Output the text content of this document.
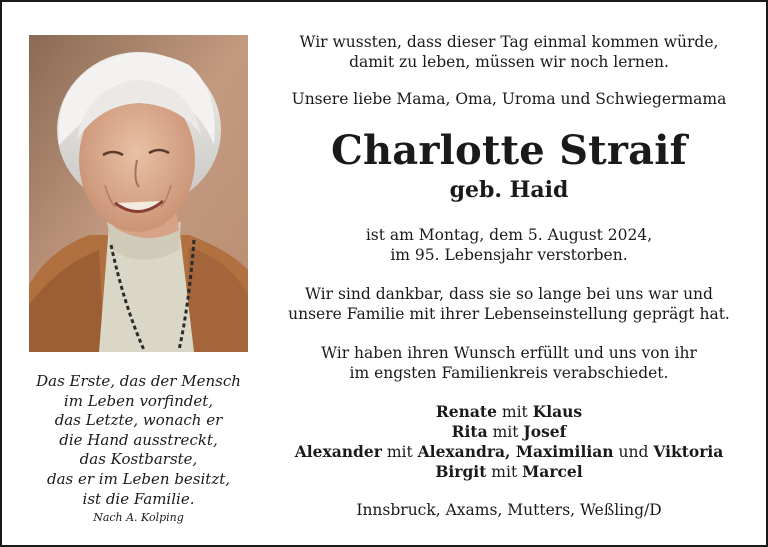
Das Erste, das der Mensch
im Leben vorfindet,
das Letzte, wonach er
die Hand ausstreckt,
das Kostbarste,
das er im Leben besitzt,
ist die Familie.
Nach A. Kolping
Wir wussten, dass dieser Tag einmal kommen würde,
damit zu leben, müssen wir noch lernen.
Unsere liebe Mama, Oma, Uroma und Schwiegermama
Charlotte Straif
geb. Haid
ist am Montag, dem 5. August 2024,
im 95. Lebensjahr verstorben.
Wir sind dankbar, dass sie so lange bei uns war und
unsere Familie mit ihrer Lebenseinstellung geprägt hat.
Wir haben ihren Wunsch erfüllt und uns von ihr
im engsten Familienkreis verabschiedet.
Renate mit Klaus
Rita mit Josef
Alexander mit Alexandra, Maximilian und Viktoria
Birgit mit Marcel
Innsbruck, Axams, Mutters, Weßling/D
